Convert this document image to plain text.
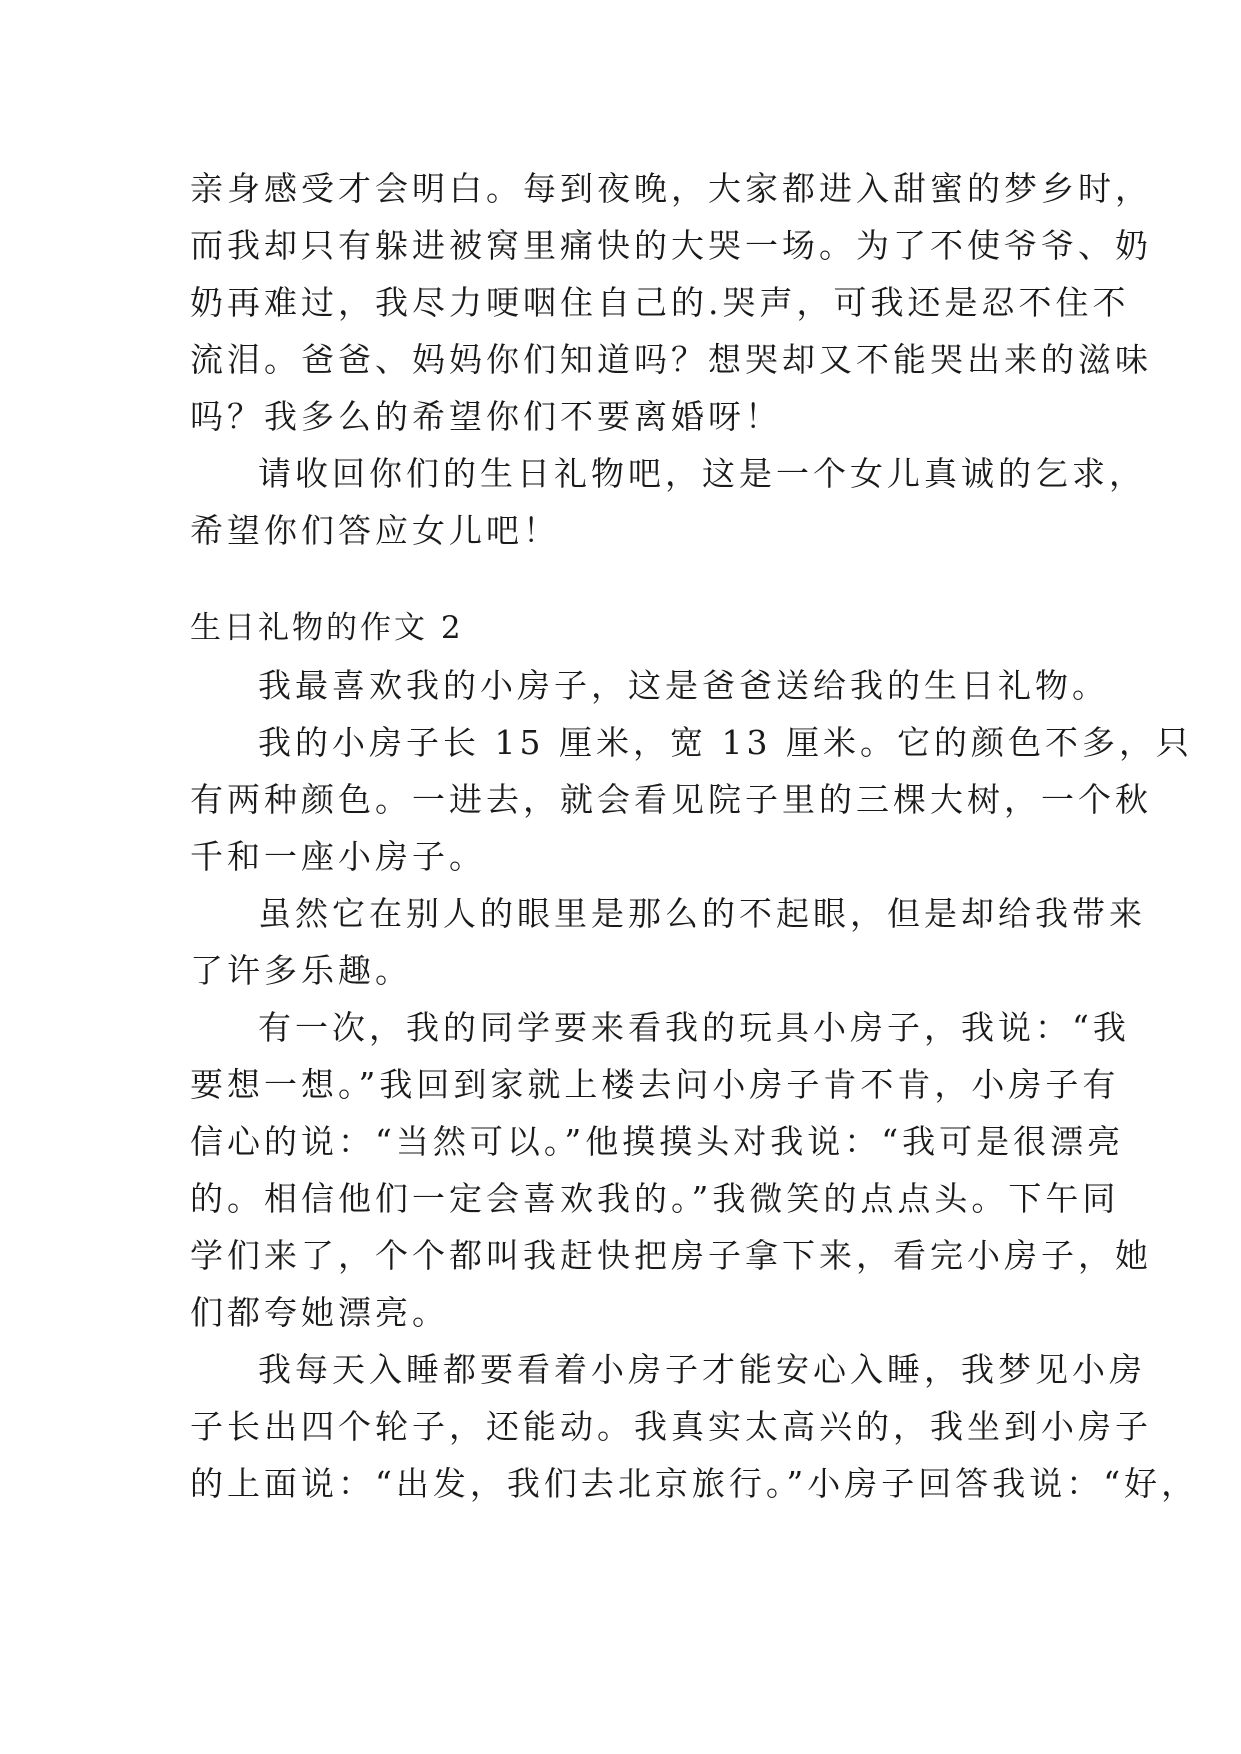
亲身感受才会明白。每到夜晚，大家都进入甜蜜的梦乡时，
而我却只有躲进被窝里痛快的大哭一场。为了不使爷爷、奶
奶再难过，我尽力哽咽住自己的.哭声，可我还是忍不住不
流泪。爸爸、妈妈你们知道吗？想哭却又不能哭出来的滋味
吗？我多么的希望你们不要离婚呀！
请收回你们的生日礼物吧，这是一个女儿真诚的乞求，
希望你们答应女儿吧！
生日礼物的作文 2
我最喜欢我的小房子，这是爸爸送给我的生日礼物。
我的小房子长 15 厘米，宽 13 厘米。它的颜色不多，只
有两种颜色。一进去，就会看见院子里的三棵大树，一个秋
千和一座小房子。
虽然它在别人的眼里是那么的不起眼，但是却给我带来
了许多乐趣。
有一次，我的同学要来看我的玩具小房子，我说：“我
要想一想。”我回到家就上楼去问小房子肯不肯，小房子有
信心的说：“当然可以。”他摸摸头对我说：“我可是很漂亮
的。相信他们一定会喜欢我的。”我微笑的点点头。下午同
学们来了，个个都叫我赶快把房子拿下来，看完小房子，她
们都夸她漂亮。
我每天入睡都要看着小房子才能安心入睡，我梦见小房
子长出四个轮子，还能动。我真实太高兴的，我坐到小房子
的上面说：“出发，我们去北京旅行。”小房子回答我说：“好，
